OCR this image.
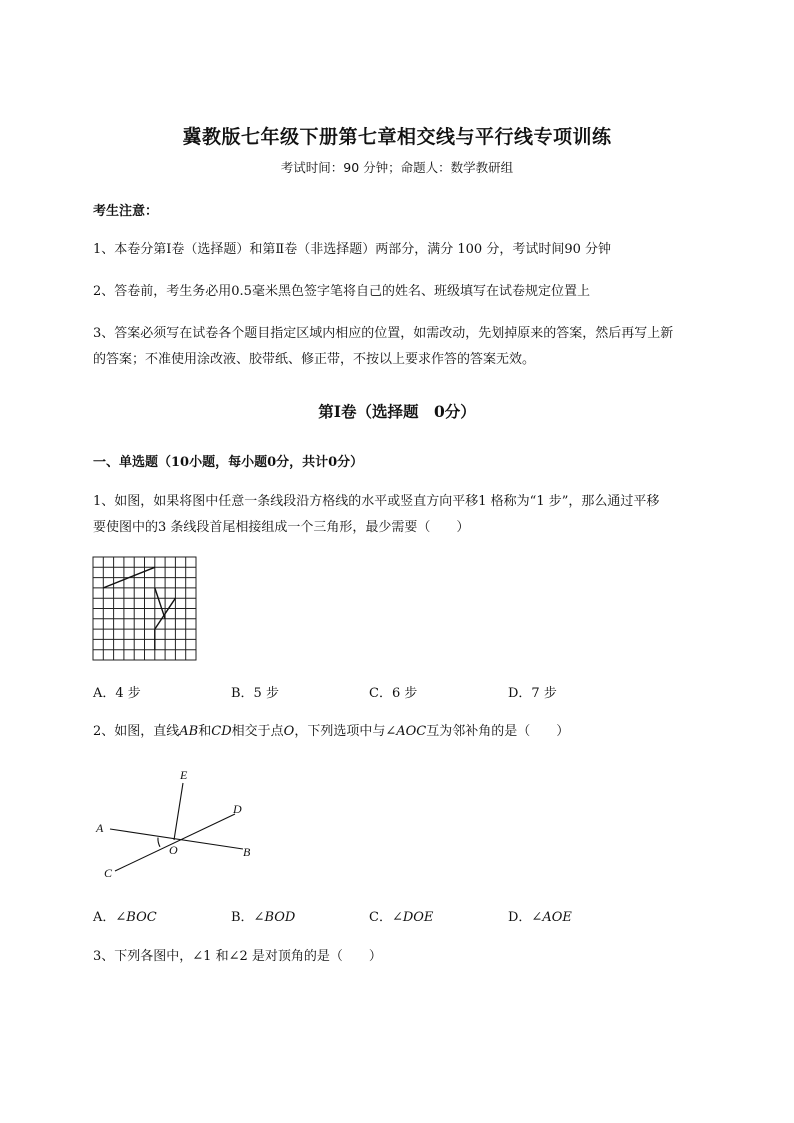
冀教版七年级下册第七章相交线与平行线专项训练
考试时间：90 分钟；命题人：数学教研组
考生注意：
1、本卷分第Ⅰ卷（选择题）和第Ⅱ卷（非选择题）两部分，满分 100 分，考试时间90 分钟
2、答卷前，考生务必用0.5毫米黑色签字笔将自己的姓名、班级填写在试卷规定位置上
3、答案必须写在试卷各个题目指定区域内相应的位置，如需改动，先划掉原来的答案，然后再写上新
的答案；不准使用涂改液、胶带纸、修正带，不按以上要求作答的答案无效。
第Ⅰ卷（选择题　0分）
一、单选题（10小题，每小题0分，共计0分）
1、如图，如果将图中任意一条线段沿方格线的水平或竖直方向平移1 格称为“1 步”，那么通过平移
要使图中的3 条线段首尾相接组成一个三角形，最少需要（　　）
A．4 步	B．5 步	C．6 步	D．7 步
2、如图，直线AB和CD相交于点O，下列选项中与∠AOC互为邻补角的是（　　）
E
D
A
O	B
C
A．∠BOC	B．∠BOD	C．∠DOE	D．∠AOE
3、下列各图中，∠1 和∠2 是对顶角的是（　　）
